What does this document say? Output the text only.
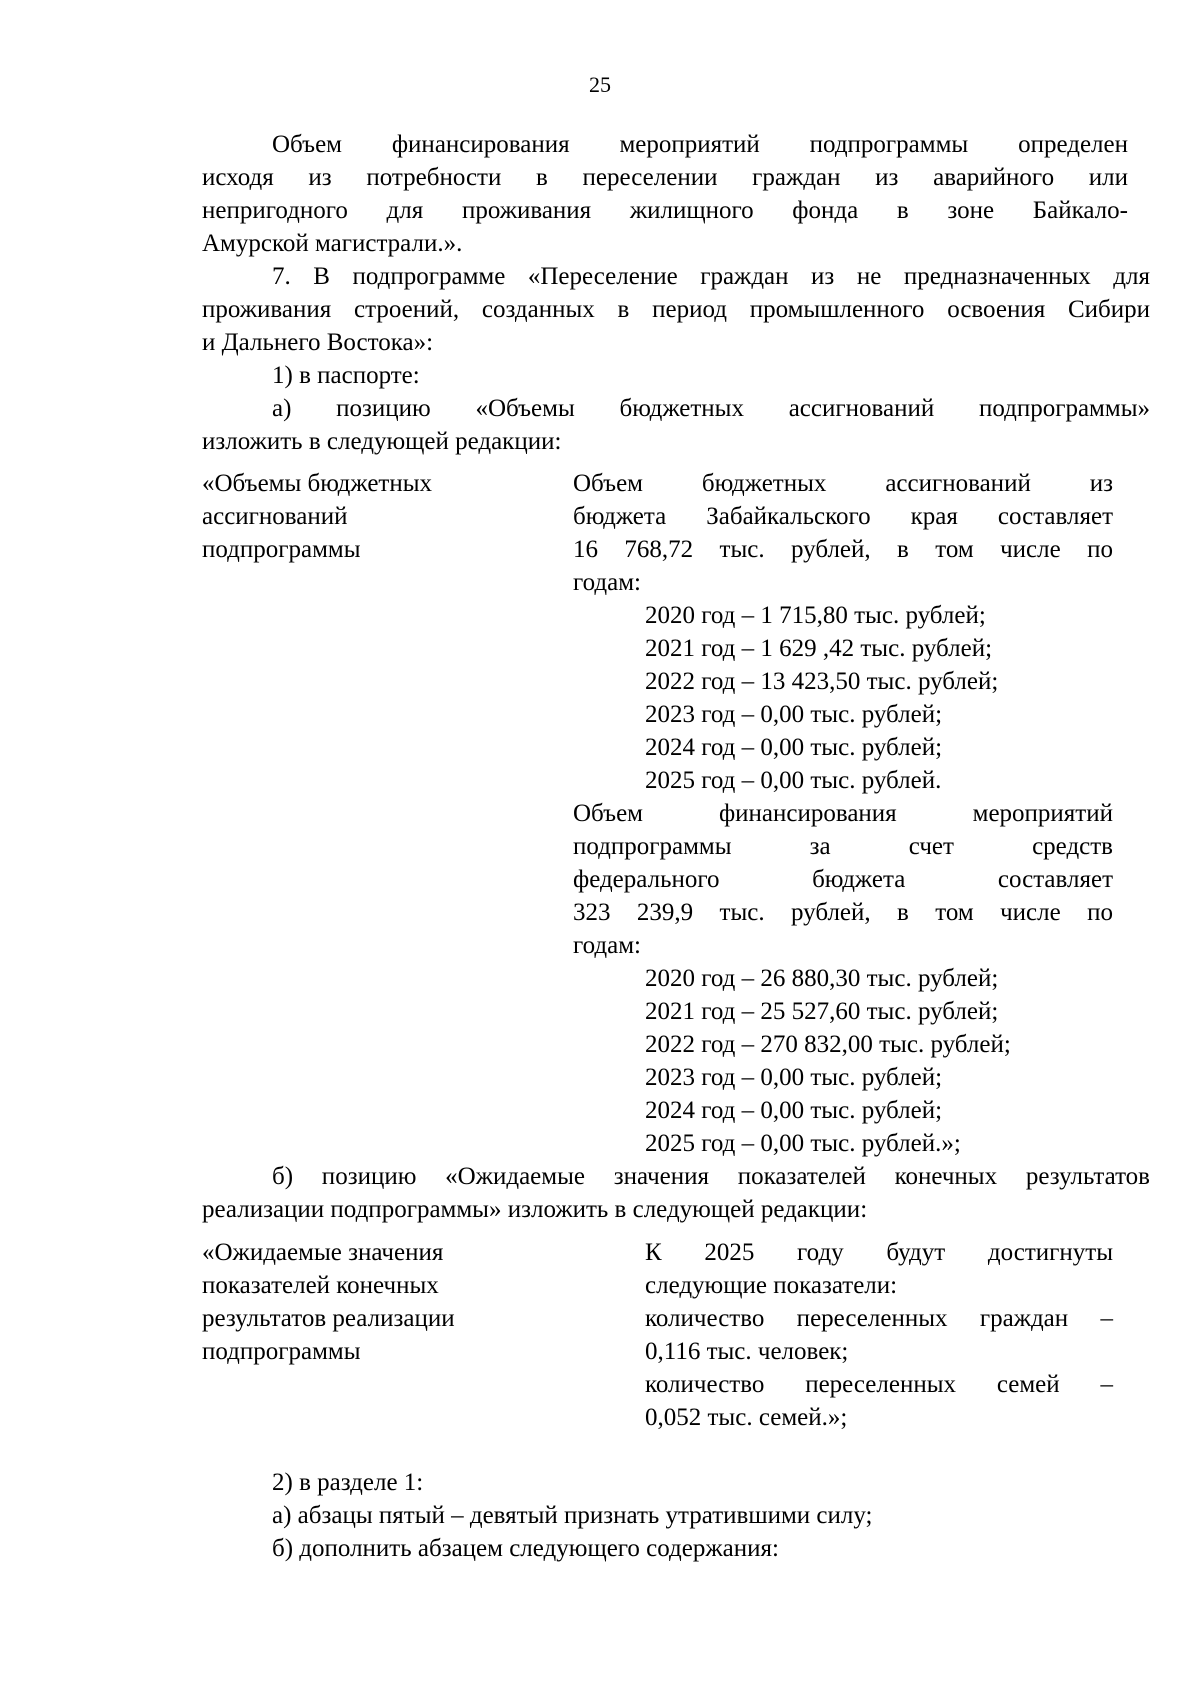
25
Объем финансирования мероприятий подпрограммы определен
исходя из потребности в переселении граждан из аварийного или
непригодного для проживания жилищного фонда в зоне Байкало-
Амурской магистрали.».
7. В подпрограмме «Переселение граждан из не предназначенных для
проживания строений, созданных в период промышленного освоения Сибири
и Дальнего Востока»:
1) в паспорте:
а) позицию «Объемы бюджетных ассигнований подпрограммы»
изложить в следующей редакции:
«Объемы бюджетных
ассигнований
подпрограммы
Объем бюджетных ассигнований из
бюджета Забайкальского края составляет
16 768,72 тыс. рублей, в том числе по
годам:
2020 год – 1 715,80 тыс. рублей;
2021 год – 1 629 ,42 тыс. рублей;
2022 год – 13 423,50 тыс. рублей;
2023 год – 0,00 тыс. рублей;
2024 год – 0,00 тыс. рублей;
2025 год – 0,00 тыс. рублей.
Объем финансирования мероприятий
подпрограммы за счет средств
федерального бюджета составляет
323 239,9 тыс. рублей, в том числе по
годам:
2020 год – 26 880,30 тыс. рублей;
2021 год – 25 527,60 тыс. рублей;
2022 год – 270 832,00 тыс. рублей;
2023 год – 0,00 тыс. рублей;
2024 год – 0,00 тыс. рублей;
2025 год – 0,00 тыс. рублей.»;
б) позицию «Ожидаемые значения показателей конечных результатов
реализации подпрограммы» изложить в следующей редакции:
«Ожидаемые значения
показателей конечных
результатов реализации
подпрограммы
К 2025 году будут достигнуты
следующие показатели:
количество переселенных граждан –
0,116 тыс. человек;
количество переселенных семей –
0,052 тыс. семей.»;
2) в разделе 1:
а) абзацы пятый – девятый признать утратившими силу;
б) дополнить абзацем следующего содержания:
